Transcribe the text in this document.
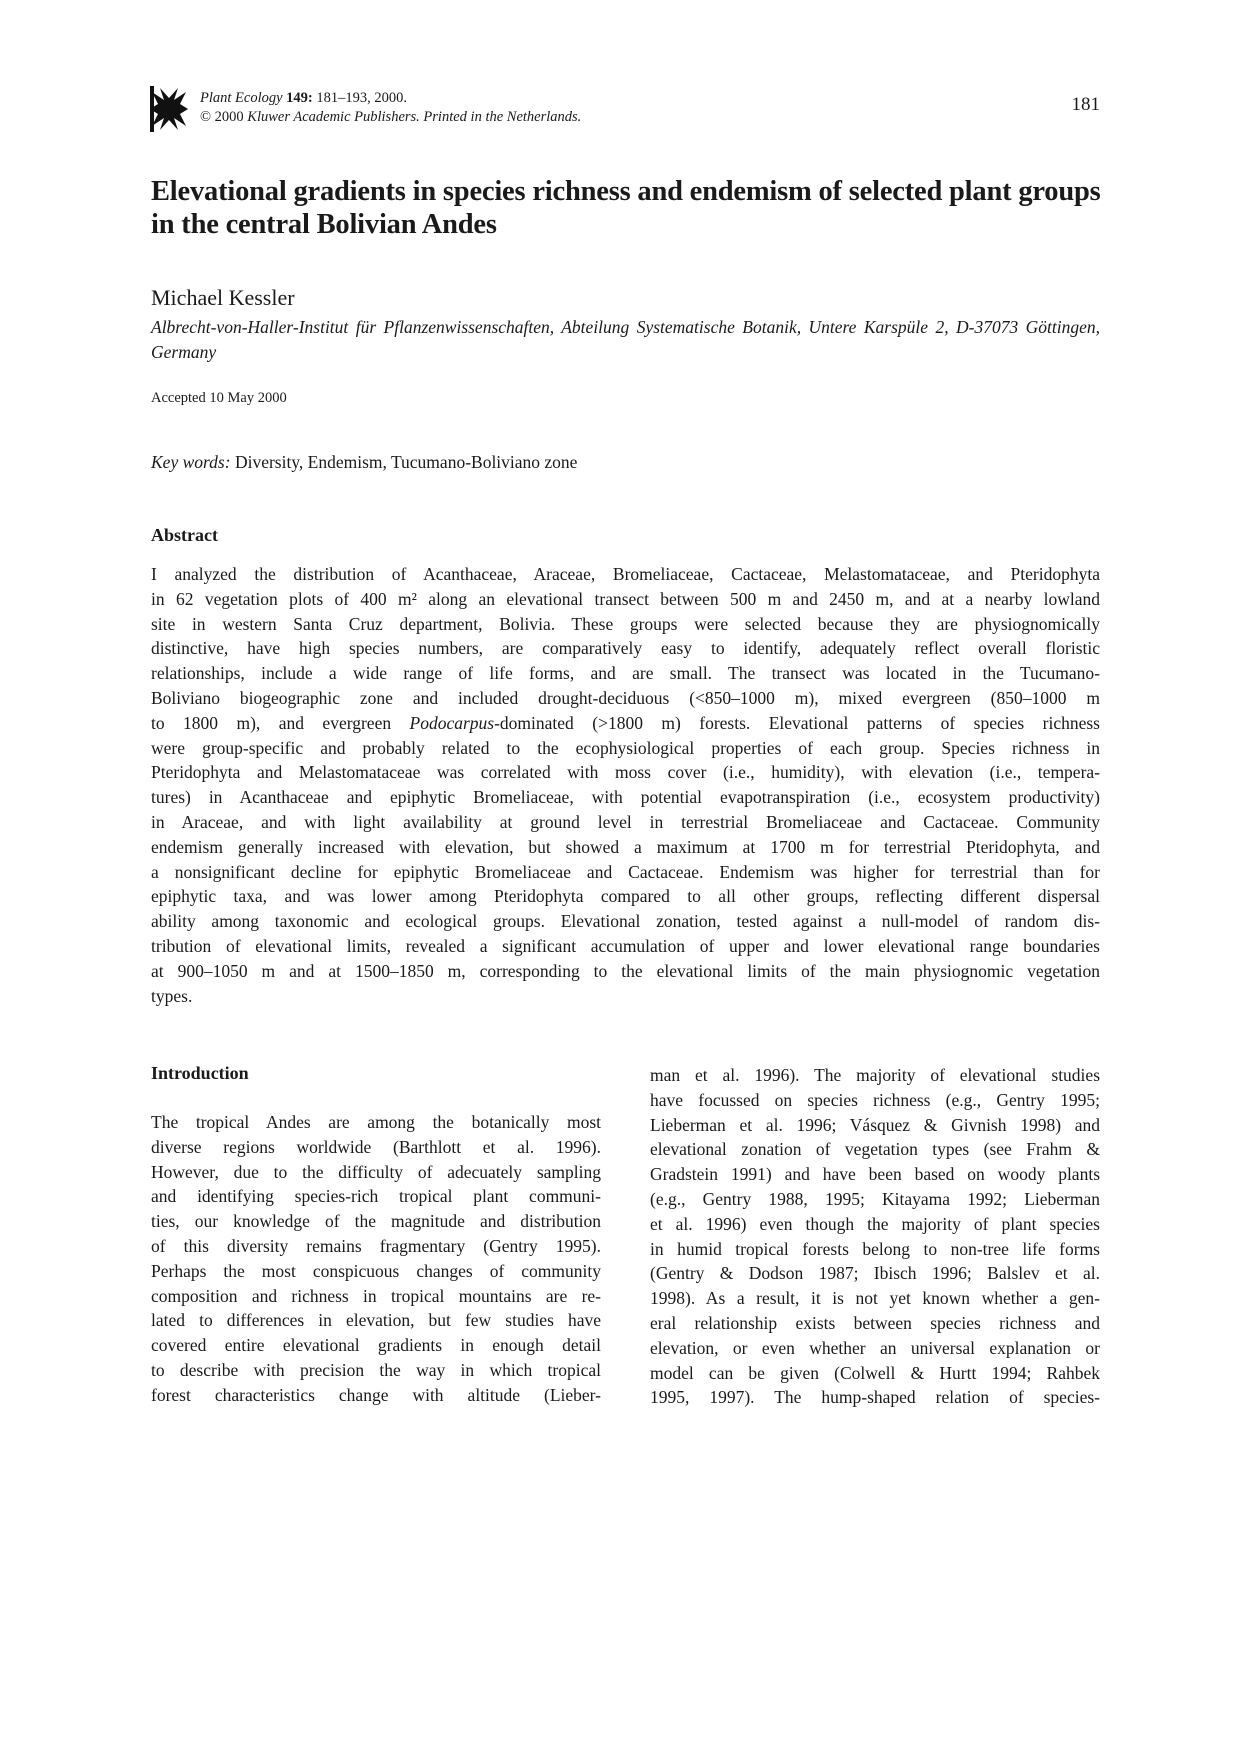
Plant Ecology 149: 181–193, 2000.
© 2000 Kluwer Academic Publishers. Printed in the Netherlands.
181
Elevational gradients in species richness and endemism of selected plant groups in the central Bolivian Andes
Michael Kessler

Albrecht-von-Haller-Institut für Pflanzenwissenschaften, Abteilung Systematische Botanik, Untere Karspüle 2, D-37073 Göttingen, Germany

Accepted 10 May 2000
Key words: Diversity, Endemism, Tucumano-Boliviano zone
Abstract
I analyzed the distribution of Acanthaceae, Araceae, Bromeliaceae, Cactaceae, Melastomataceae, and Pteridophyta
in 62 vegetation plots of 400 m² along an elevational transect between 500 m and 2450 m, and at a nearby lowland
site in western Santa Cruz department, Bolivia. These groups were selected because they are physiognomically
distinctive, have high species numbers, are comparatively easy to identify, adequately reflect overall floristic
relationships, include a wide range of life forms, and are small. The transect was located in the Tucumano-
Boliviano biogeographic zone and included drought-deciduous (<850–1000 m), mixed evergreen (850–1000 m
to 1800 m), and evergreen Podocarpus-dominated (>1800 m) forests. Elevational patterns of species richness
were group-specific and probably related to the ecophysiological properties of each group. Species richness in
Pteridophyta and Melastomataceae was correlated with moss cover (i.e., humidity), with elevation (i.e., tempera-
tures) in Acanthaceae and epiphytic Bromeliaceae, with potential evapotranspiration (i.e., ecosystem productivity)
in Araceae, and with light availability at ground level in terrestrial Bromeliaceae and Cactaceae. Community
endemism generally increased with elevation, but showed a maximum at 1700 m for terrestrial Pteridophyta, and
a nonsignificant decline for epiphytic Bromeliaceae and Cactaceae. Endemism was higher for terrestrial than for
epiphytic taxa, and was lower among Pteridophyta compared to all other groups, reflecting different dispersal
ability among taxonomic and ecological groups. Elevational zonation, tested against a null-model of random dis-
tribution of elevational limits, revealed a significant accumulation of upper and lower elevational range boundaries
at 900–1050 m and at 1500–1850 m, corresponding to the elevational limits of the main physiognomic vegetation
types.
Introduction
The tropical Andes are among the botanically most
diverse regions worldwide (Barthlott et al. 1996).
However, due to the difficulty of adecuately sampling
and identifying species-rich tropical plant communi-
ties, our knowledge of the magnitude and distribution
of this diversity remains fragmentary (Gentry 1995).
Perhaps the most conspicuous changes of community
composition and richness in tropical mountains are re-
lated to differences in elevation, but few studies have
covered entire elevational gradients in enough detail
to describe with precision the way in which tropical
forest characteristics change with altitude (Lieber-
man et al. 1996). The majority of elevational studies
have focussed on species richness (e.g., Gentry 1995;
Lieberman et al. 1996; Vásquez & Givnish 1998) and
elevational zonation of vegetation types (see Frahm &
Gradstein 1991) and have been based on woody plants
(e.g., Gentry 1988, 1995; Kitayama 1992; Lieberman
et al. 1996) even though the majority of plant species
in humid tropical forests belong to non-tree life forms
(Gentry & Dodson 1987; Ibisch 1996; Balslev et al.
1998). As a result, it is not yet known whether a gen-
eral relationship exists between species richness and
elevation, or even whether an universal explanation or
model can be given (Colwell & Hurtt 1994; Rahbek
1995, 1997). The hump-shaped relation of species-
